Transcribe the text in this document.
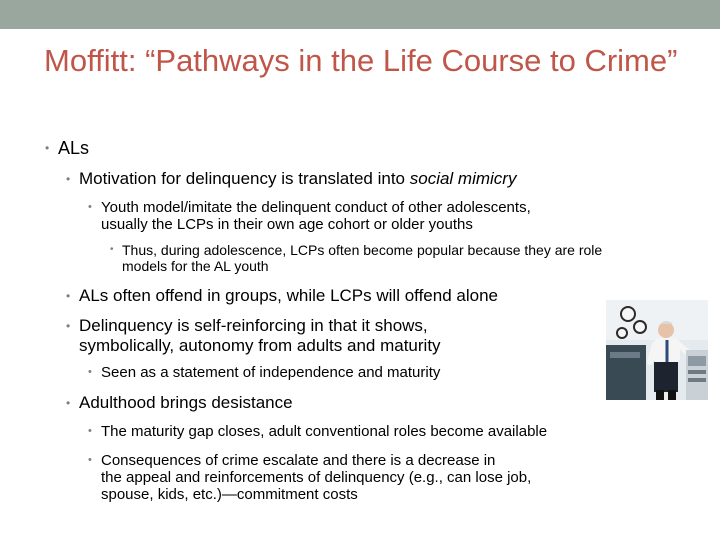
Moffitt: “Pathways in the Life Course to Crime”
• ALs
• Motivation for delinquency is translated into social mimicry
• Youth model/imitate the delinquent conduct of other adolescents,
usually the LCPs in their own age cohort or older youths
• Thus, during adolescence, LCPs often become popular because they are role
models for the AL youth
• ALs often offend in groups, while LCPs will offend alone
• Delinquency is self-reinforcing in that it shows,
symbolically, autonomy from adults and maturity
• Seen as a statement of independence and maturity
• Adulthood brings desistance
• The maturity gap closes, adult conventional roles become available
• Consequences of crime escalate and there is a decrease in
the appeal and reinforcements of delinquency (e.g., can lose job,
spouse, kids, etc.)—commitment costs
